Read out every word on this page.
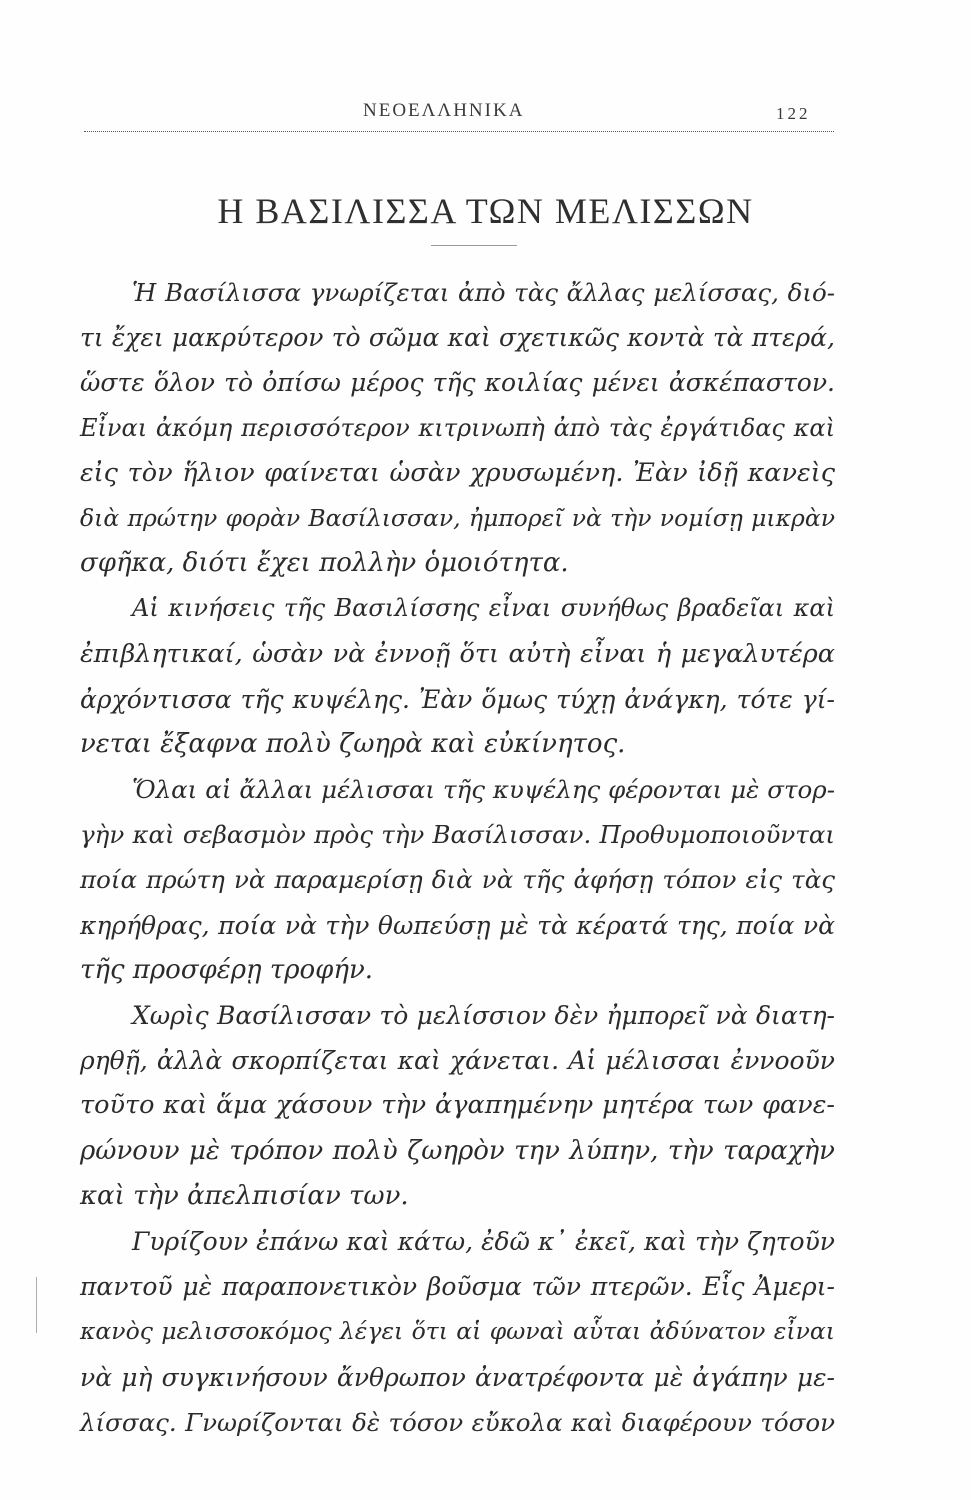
ΝΕΟΕΛΛΗΝΙΚΑ	122
Η ΒΑΣΙΛΙΣΣΑ ΤΩΝ ΜΕΛΙΣΣΩΝ
Ἡ Βασίλισσα γνωρίζεται ἀπὸ τὰς ἄλλας μελίσσας, διό-
τι ἔχει μακρύτερον τὸ σῶμα καὶ σχετικῶς κοντὰ τὰ πτερά,
ὥστε ὅλον τὸ ὀπίσω μέρος τῆς κοιλίας μένει ἀσκέπαστον.
Εἶναι ἀκόμη περισσότερον κιτρινωπὴ ἀπὸ τὰς ἐργάτιδας καὶ
εἰς τὸν ἥλιον φαίνεται ὡσὰν χρυσωμένη. Ἐὰν ἰδῇ κανεὶς
διὰ πρώτην φορὰν Βασίλισσαν, ἠμπορεῖ νὰ τὴν νομίσῃ μικρὰν
σφῆκα, διότι ἔχει πολλὴν ὁμοιότητα.
Αἱ κινήσεις τῆς Βασιλίσσης εἶναι συνήθως βραδεῖαι καὶ
ἐπιβλητικαί, ὡσὰν νὰ ἐννοῇ ὅτι αὐτὴ εἶναι ἡ μεγαλυτέρα
ἀρχόντισσα τῆς κυψέλης. Ἐὰν ὅμως τύχῃ ἀνάγκη, τότε γί-
νεται ἔξαφνα πολὺ ζωηρὰ καὶ εὐκίνητος.
Ὅλαι αἱ ἄλλαι μέλισσαι τῆς κυψέλης φέρονται μὲ στορ-
γὴν καὶ σεβασμὸν πρὸς τὴν Βασίλισσαν. Προθυμοποιοῦνται
ποία πρώτη νὰ παραμερίσῃ διὰ νὰ τῆς ἀφήσῃ τόπον εἰς τὰς
κηρήθρας, ποία νὰ τὴν θωπεύσῃ μὲ τὰ κέρατά της, ποία νὰ
τῆς προσφέρῃ τροφήν.
Χωρὶς Βασίλισσαν τὸ μελίσσιον δὲν ἠμπορεῖ νὰ διατη-
ρηθῇ, ἀλλὰ σκορπίζεται καὶ χάνεται. Αἱ μέλισσαι ἐννοοῦν
τοῦτο καὶ ἅμα χάσουν τὴν ἀγαπημένην μητέρα των φανε-
ρώνουν μὲ τρόπον πολὺ ζωηρὸν την λύπην, τὴν ταραχὴν
καὶ τὴν ἀπελπισίαν των.
Γυρίζουν ἐπάνω καὶ κάτω, ἐδῶ κ᾽ ἐκεῖ, καὶ τὴν ζητοῦν
παντοῦ μὲ παραπονετικὸν βοῦσμα τῶν πτερῶν. Εἷς Ἀμερι-
κανὸς μελισσοκόμος λέγει ὅτι αἱ φωναὶ αὗται ἀδύνατον εἶναι
νὰ μὴ συγκινήσουν ἄνθρωπον ἀνατρέφοντα μὲ ἀγάπην με-
λίσσας. Γνωρίζονται δὲ τόσον εὔκολα καὶ διαφέρουν τόσον
